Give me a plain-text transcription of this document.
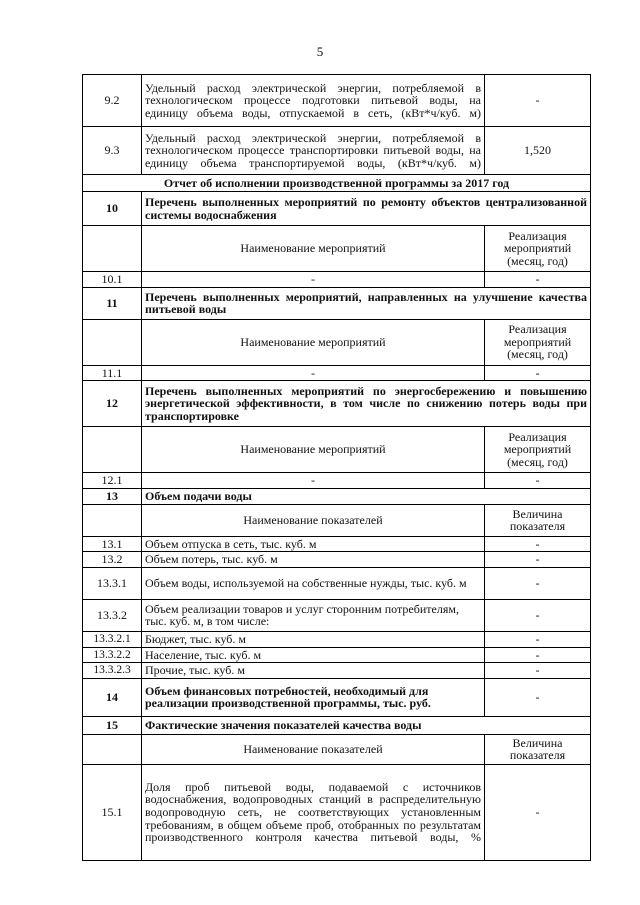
5
9.2	Удельный расход электрической энергии, потребляемой в технологическом процессе подготовки питьевой воды, на единицу объема воды, отпускаемой в сеть, (кВт*ч/куб. м)	-
9.3	Удельный расход электрической энергии, потребляемой в технологическом процессе транспортировки питьевой воды, на единицу объема транспортируемой воды, (кВт*ч/куб. м)	1,520
Отчет об исполнении производственной программы за 2017 год		
10	Перечень выполненных мероприятий по ремонту объектов централизованной системы водоснабжения	
	Наименование мероприятий	Реализация мероприятий (месяц, год)
10.1	-	-
11	Перечень выполненных мероприятий, направленных на улучшение качества питьевой воды	
	Наименование мероприятий	Реализация мероприятий (месяц, год)
11.1	-	-
12	Перечень выполненных мероприятий по энергосбережению и повышению энергетической эффективности, в том числе по снижению потерь воды при транспортировке	
	Наименование мероприятий	Реализация мероприятий (месяц, год)
12.1	-	-
13	Объем подачи воды	
	Наименование показателей	Величина показателя
13.1	Объем отпуска в сеть, тыс. куб. м	-
13.2	Объем потерь, тыс. куб. м	-
13.3.1	Объем воды, используемой на собственные нужды, тыс. куб. м	-
13.3.2	Объем реализации товаров и услуг сторонним потребителям, тыс. куб. м, в том числе:	-
13.3.2.1	Бюджет, тыс. куб. м	-
13.3.2.2	Население, тыс. куб. м	-
13.3.2.3	Прочие, тыс. куб. м	-
14	Объем финансовых потребностей, необходимый для реализации производственной программы, тыс. руб.	-
15	Фактические значения показателей качества воды	
	Наименование показателей	Величина показателя
15.1	Доля проб питьевой воды, подаваемой с источников водоснабжения, водопроводных станций в распределительную водопроводную сеть, не соответствующих установленным требованиям, в общем объеме проб, отобранных по результатам производственного контроля качества питьевой воды, %	-
